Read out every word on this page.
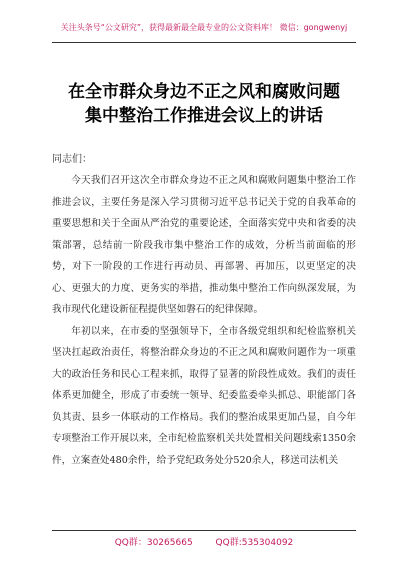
关注头条号“公文研究”，获得最新最全最专业的公文资料库！ 微信：gongwenyj
在全市群众身边不正之风和腐败问题
集中整治工作推进会议上的讲话
同志们：

今天我们召开这次全市群众身边不正之风和腐败问题集中整治工作推进会议，主要任务是深入学习贯彻习近平总书记关于党的自我革命的重要思想和关于全面从严治党的重要论述，全面落实党中央和省委的决策部署，总结前一阶段我市集中整治工作的成效，分析当前面临的形势，对下一阶段的工作进行再动员、再部署、再加压，以更坚定的决心、更强大的力度、更务实的举措，推动集中整治工作向纵深发展，为我市现代化建设新征程提供坚如磐石的纪律保障。

年初以来，在市委的坚强领导下，全市各级党组织和纪检监察机关坚决扛起政治责任，将整治群众身边的不正之风和腐败问题作为一项重大的政治任务和民心工程来抓，取得了显著的阶段性成效。我们的责任体系更加健全，形成了市委统一领导、纪委监委牵头抓总、职能部门各负其责、县乡一体联动的工作格局。我们的整治成果更加凸显，自今年专项整治工作开展以来，全市纪检监察机关共处置相关问题线索1350余件，立案查处480余件，给予党纪政务处分520余人，移送司法机关

QQ群：30265665	QQ群:535304092
